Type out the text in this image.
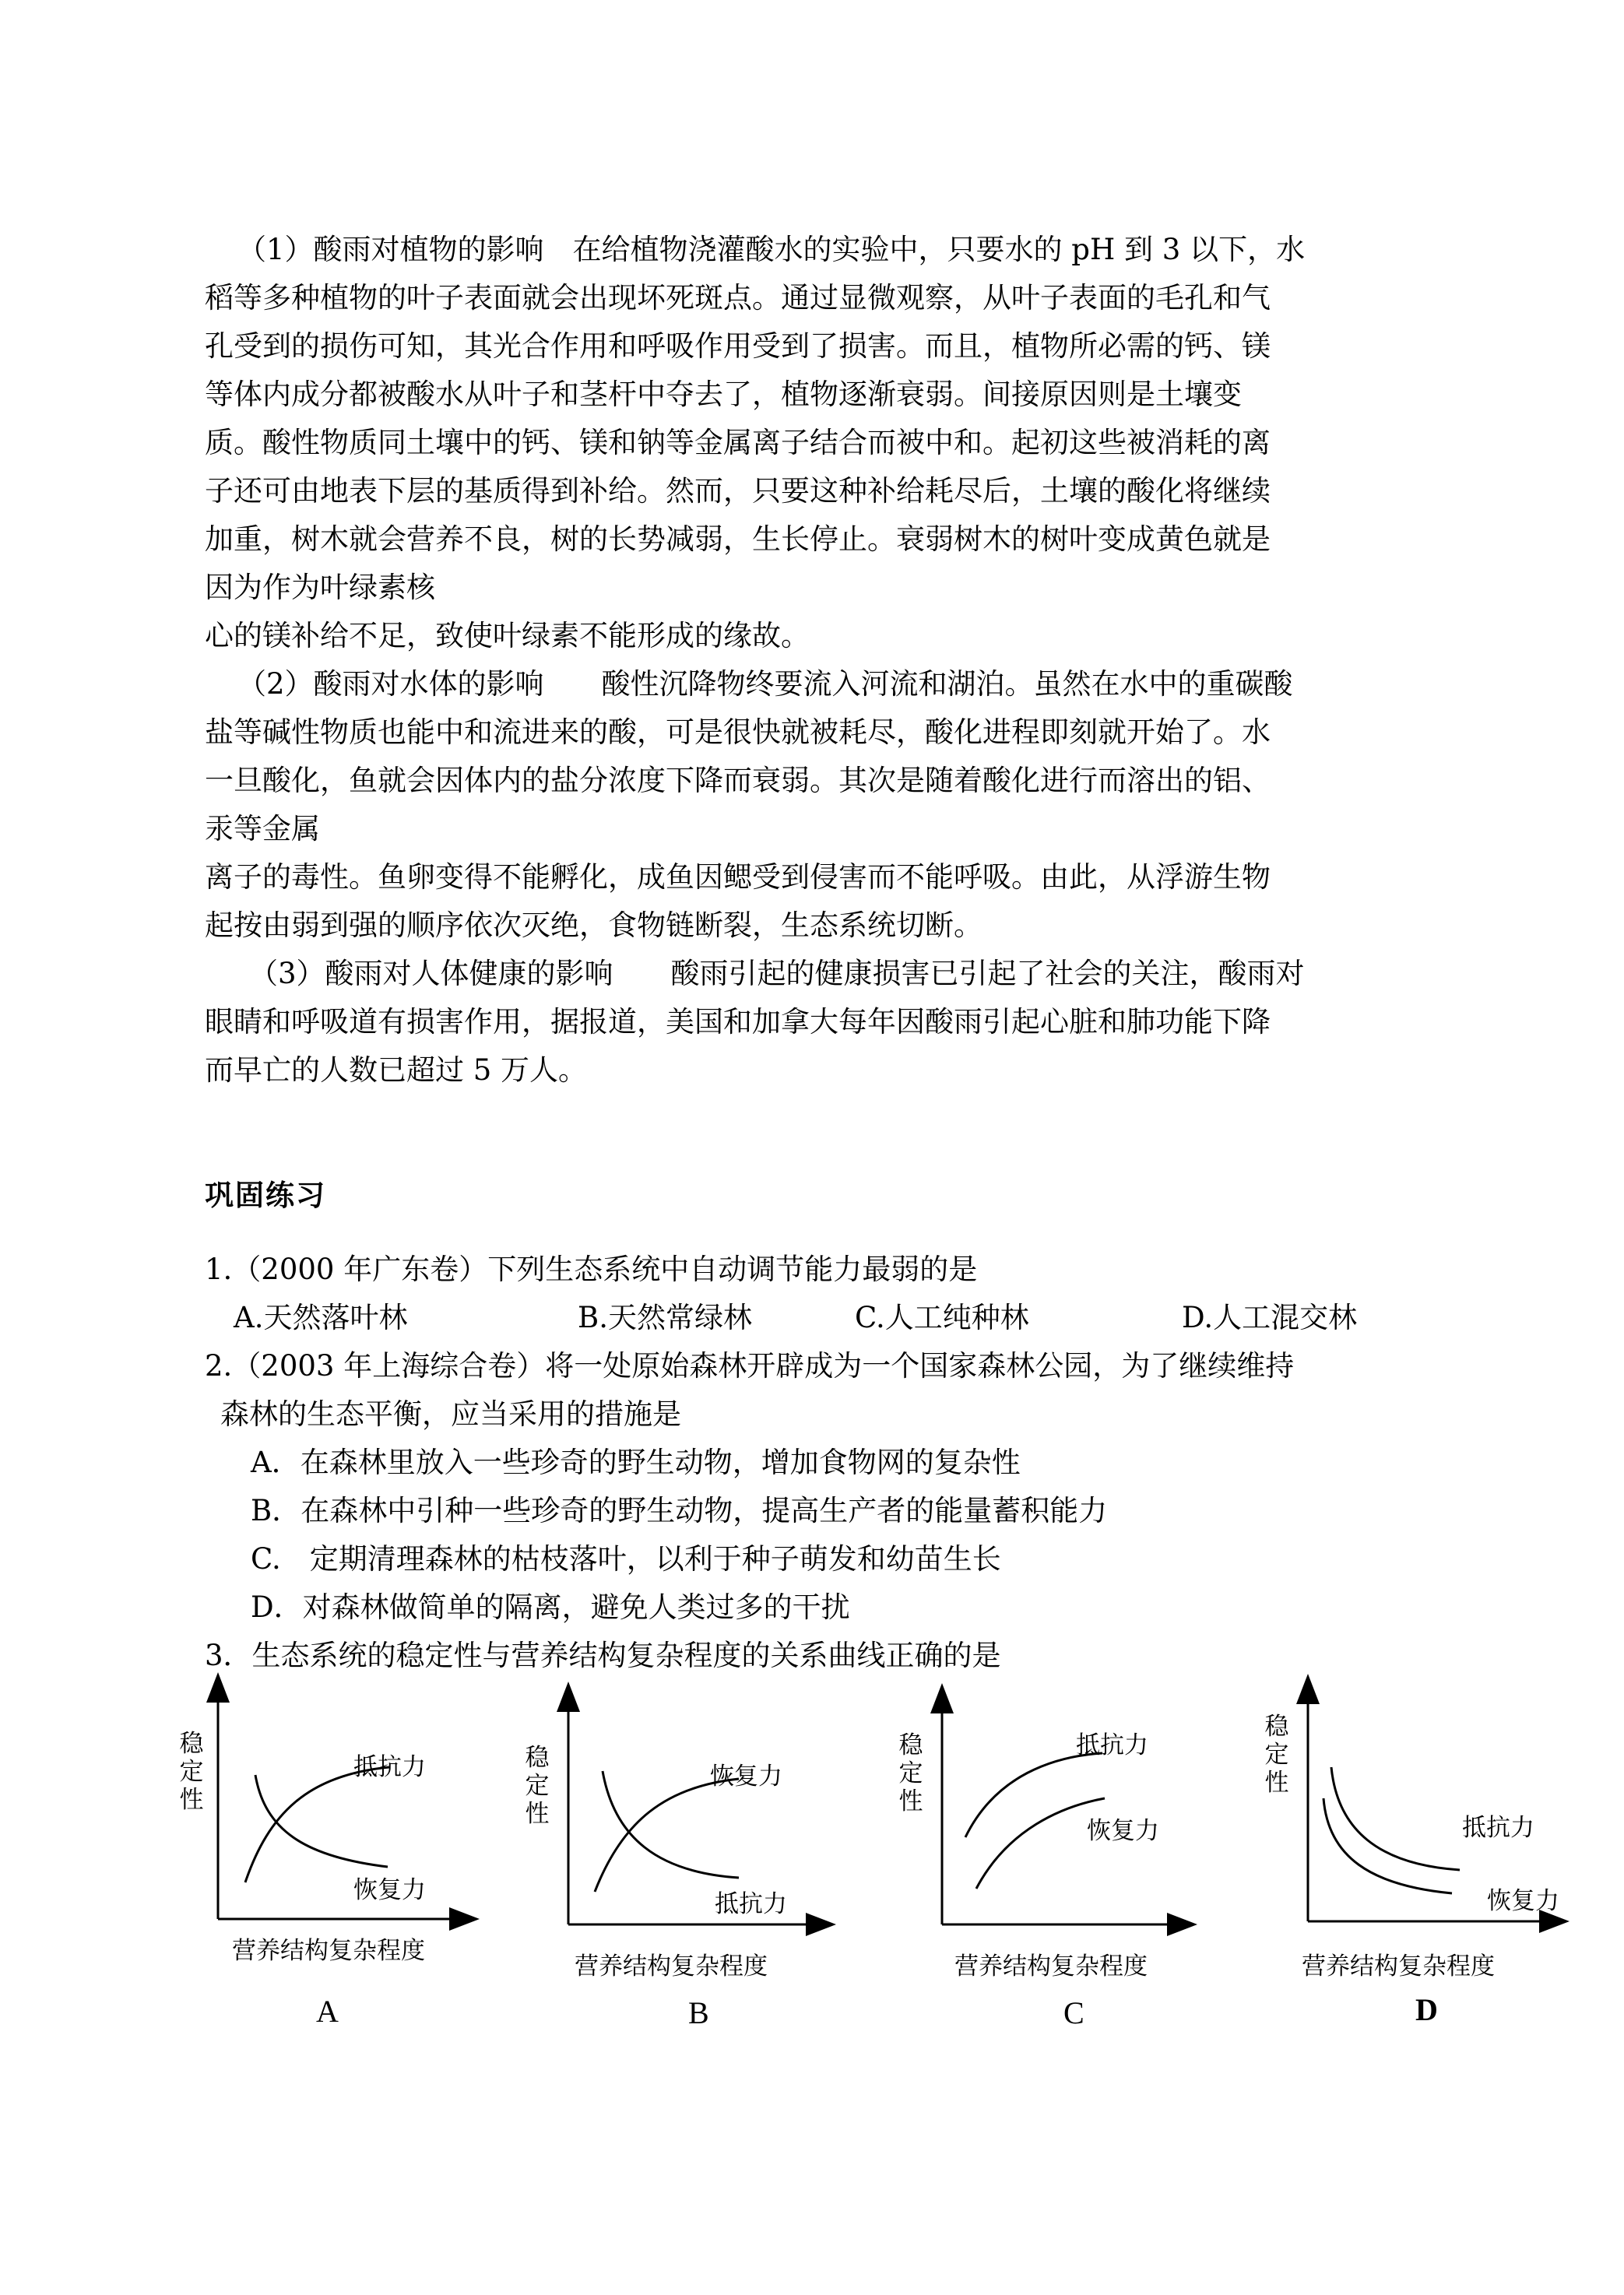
（1）酸雨对植物的影响　在给植物浇灌酸水的实验中，只要水的 pH 到 3 以下，水
稻等多种植物的叶子表面就会出现坏死斑点。通过显微观察，从叶子表面的毛孔和气
孔受到的损伤可知，其光合作用和呼吸作用受到了损害。而且，植物所必需的钙、镁
等体内成分都被酸水从叶子和茎杆中夺去了，植物逐渐衰弱。间接原因则是土壤变
质。酸性物质同土壤中的钙、镁和钠等金属离子结合而被中和。起初这些被消耗的离
子还可由地表下层的基质得到补给。然而，只要这种补给耗尽后，土壤的酸化将继续
加重，树木就会营养不良，树的长势减弱，生长停止。衰弱树木的树叶变成黄色就是
因为作为叶绿素核
心的镁补给不足，致使叶绿素不能形成的缘故。
（2）酸雨对水体的影响　　酸性沉降物终要流入河流和湖泊。虽然在水中的重碳酸
盐等碱性物质也能中和流进来的酸，可是很快就被耗尽，酸化进程即刻就开始了。水
一旦酸化，鱼就会因体内的盐分浓度下降而衰弱。其次是随着酸化进行而溶出的铝、
汞等金属
离子的毒性。鱼卵变得不能孵化，成鱼因鳃受到侵害而不能呼吸。由此，从浮游生物
起按由弱到强的顺序依次灭绝，食物链断裂，生态系统切断。
（3）酸雨对人体健康的影响　　酸雨引起的健康损害已引起了社会的关注，酸雨对
眼睛和呼吸道有损害作用，据报道，美国和加拿大每年因酸雨引起心脏和肺功能下降
而早亡的人数已超过 5 万人。
巩固练习
1.（2000 年广东卷）下列生态系统中自动调节能力最弱的是
A.天然落叶林	B.天然常绿林	C.人工纯种林	D.人工混交林
2.（2003 年上海综合卷）将一处原始森林开辟成为一个国家森林公园，为了继续维持
森林的生态平衡，应当采用的措施是
A．在森林里放入一些珍奇的野生动物，增加食物网的复杂性
B．在森林中引种一些珍奇的野生动物，提高生产者的能量蓄积能力
C.　定期清理森林的枯枝落叶，以利于种子萌发和幼苗生长
D．对森林做简单的隔离，避免人类过多的干扰
3．生态系统的稳定性与营养结构复杂程度的关系曲线正确的是
稳定性
抵抗力
恢复力
营养结构复杂程度
A
稳定性
恢复力
抵抗力
营养结构复杂程度
B
稳定性
抵抗力
恢复力
营养结构复杂程度
C
稳定性
抵抗力
恢复力
营养结构复杂程度
D
